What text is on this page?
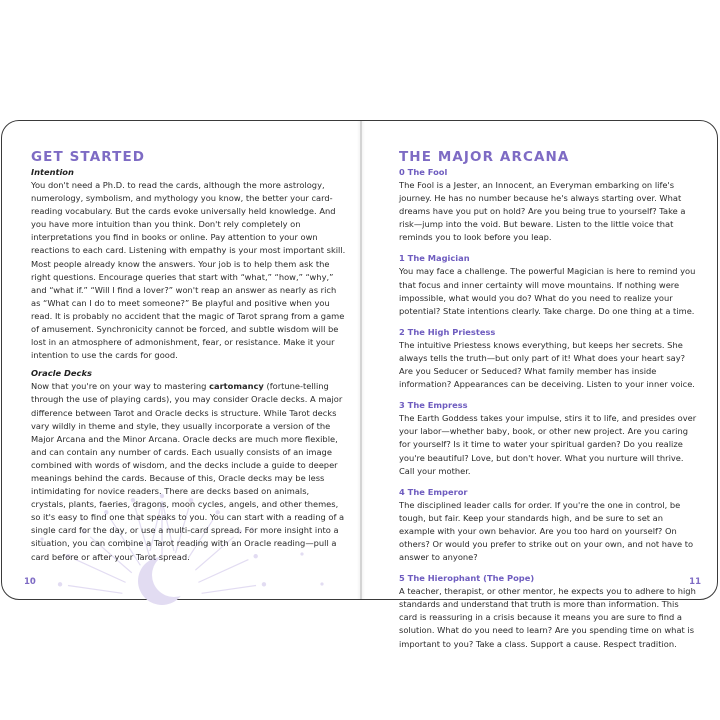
GET STARTED
Intention

You don't need a Ph.D. to read the cards, although the more astrology, numerology, symbolism, and mythology you know, the better your card-reading vocabulary. But the cards evoke universally held knowledge. And you have more intuition than you think. Don't rely completely on interpretations you find in books or online. Pay attention to your own reactions to each card. Listening with empathy is your most important skill. Most people already know the answers. Your job is to help them ask the right questions. Encourage queries that start with “what,” “how,” “why,” and “what if.” “Will I find a lover?” won't reap an answer as nearly as rich as “What can I do to meet someone?” Be playful and positive when you read. It is probably no accident that the magic of Tarot sprang from a game of amusement. Synchronicity cannot be forced, and subtle wisdom will be lost in an atmosphere of admonishment, fear, or resistance. Make it your intention to use the cards for good.

Oracle Decks

Now that you're on your way to mastering cartomancy (fortune-telling through the use of playing cards), you may consider Oracle decks. A major difference between Tarot and Oracle decks is structure. While Tarot decks vary wildly in theme and style, they usually incorporate a version of the Major Arcana and the Minor Arcana. Oracle decks are much more flexible, and can contain any number of cards. Each usually consists of an image combined with words of wisdom, and the decks include a guide to deeper meanings behind the cards. Because of this, Oracle decks may be less intimidating for novice readers. There are decks based on animals, crystals, plants, faeries, dragons, moon cycles, angels, and other themes, so it's easy to find one that speaks to you. You can start with a reading of a single card for the day, or use a multi-card spread. For more insight into a situation, you can combine a Tarot reading with an Oracle reading—pull a card before or after your Tarot spread.

10
THE MAJOR ARCANA
0 The Fool

The Fool is a Jester, an Innocent, an Everyman embarking on life's journey. He has no number because he's always starting over. What dreams have you put on hold? Are you being true to yourself? Take a risk—jump into the void. But beware. Listen to the little voice that reminds you to look before you leap.

1 The Magician

You may face a challenge. The powerful Magician is here to remind you that focus and inner certainty will move mountains. If nothing were impossible, what would you do? What do you need to realize your potential? State intentions clearly. Take charge. Do one thing at a time.

2 The High Priestess

The intuitive Priestess knows everything, but keeps her secrets. She always tells the truth—but only part of it! What does your heart say? Are you Seducer or Seduced? What family member has inside information? Appearances can be deceiving. Listen to your inner voice.

3 The Empress

The Earth Goddess takes your impulse, stirs it to life, and presides over your labor—whether baby, book, or other new project. Are you caring for yourself? Is it time to water your spiritual garden? Do you realize you're beautiful? Love, but don't hover. What you nurture will thrive. Call your mother.

4 The Emperor

The disciplined leader calls for order. If you're the one in control, be tough, but fair. Keep your standards high, and be sure to set an example with your own behavior. Are you too hard on yourself? On others? Or would you prefer to strike out on your own, and not have to answer to anyone?

5 The Hierophant (The Pope)

A teacher, therapist, or other mentor, he expects you to adhere to high standards and understand that truth is more than information. This card is reassuring in a crisis because it means you are sure to find a solution. What do you need to learn? Are you spending time on what is important to you? Take a class. Support a cause. Respect tradition.

11
